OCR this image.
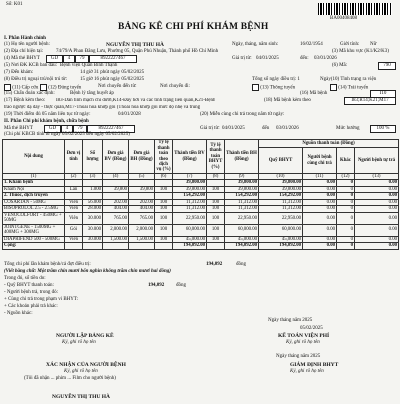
Số: K01
BA00408408
BẢNG KÊ CHI PHÍ KHÁM BỆNH
I. Phần Hành chính
(1) Họ tên người bệnh:	NGUYỄN THỊ THU HÀ	Ngày, tháng, năm sinh:	16/02/1954	Giới tính: Nữ
(2) Địa chỉ hiện tại:	74/79/A Phan Đăng Lưu, Phường 05, Quận Phú Nhuận, Thành phố Hồ Chí Minh	(3) Mã khu vực (K1/K2/K3)
(4) Mã thẻ BHYT	GD	4	79	8922227467	Giá trị từ: 04/01/2025	đến: 03/01/2026
(5) Nơi ĐK KCB ban đầu: Bệnh viện Quân Bình Thạnh	(6) Mã:	790
(7) Đến khám:	14 giờ 31 phút ngày 05/02/2025
(8) Điều trị ngoại trú/nội trú từ:	15 giờ 16 phút ngày 05/02/2025	Tổng số ngày điều trị: 1	Ngày(10) Tình trạng ra viện
(11) Cấp cứu	(12) Đúng tuyến	Nơi chuyển đến từ:	Nơi chuyển đi:	(13) Thông tuyến	(14) Trái tuyến
(15) Chẩn đoán xác định:	Bệnh lý tăng huyết áp	(16) Mã bệnh	I10
(17) Bệnh kèm theo: I83-Dãn tĩnh mạch chi dưới,K14-Đây hơi và các tình trạng liên quan,K21-Bệnh	(18) Mã bệnh kèm theo	I83;R14;K21;M17
trào ngược dạ dày - thực quản,M17-Thoái hóa khớp gối (Thoái hóa khớp gối mức độ nhẹ và trung
(19) Thời điểm đủ 05 năm liên tục từ ngày:	04/01/2028	(20) Miễn cùng chi trả trong năm từ ngày:
II. Phần Chi phí khám bệnh, chữa bệnh
Mã thẻ BHYT	GD	4	79	8922227467	Giá trị từ: 04/01/2025	đến 03/01/2026	Mức hưởng	100 %
(Chi phí KBCB tính từ ngày 05/02/2025 đến ngày 05/02/2025)
Nội dung	Đơn vị tính	Số lượng	Đơn giá BV (Đồng)	Đơn giá BH (Đồng)	Tỷ lệ thanh toán theo dịch vụ (%)	Thành tiền BV (Đồng)	Tỷ lệ thanh toán BHYT (%)	Thành tiền BH (Đồng)	Nguồn thanh toán (Đồng)			
									Quỹ BHYT	Người bệnh cùng chi trả	Khác	Người bệnh tự trả
(1)	(2)	(3)	(4)	(5)	(6)	(7)	(8)	(9)	(10)	(11)	(12)	(13)
1. Khám bệnh						39,800.00		39,800.00	39,800.00	0.00	0	0.00
Khám Nội	Lần	1.000	39,800	39,800	100	39,800.00	100	39,800.00	39,800.00	0.00	0	0.00
2. Thuốc, dịch truyền						154,292.00		154,292.00	154,292.00	0.00	0	0.00
COSARTAN - 50MG	Viên	56.000	202.00	202.00	100	11,312.00	100	11,312.00	11,312.00	0.00	0	0.00
BISOPROLOL 2.5 - 2.5MG	Viên	28.000	404.00	404.00	100	11,312.00	100	11,312.00	11,312.00	0.00	0	0.00
VENOCOLFORT - 450MG + 50MG	Viên	30.000	765.00	765.00	100	22,950.00	100	22,950.00	22,950.00	0.00	0	0.00
JOINTGENE - 1500MG + 400MG + 300MG	Gói	30.000	2,000.00	2,000.00	100	60,000.00	100	60,000.00	60,000.00	0.00	0	0.00
DIAPRIFEND 500 - 500MG	Viên	30.000	1,500.00	1,500.00	100	45,000.00	100	45,000.00	45,000.00	0.00	0	0.00
Cộng:						194,092.00		194,092.00	194,092.00	0.00	0	0.00
Tổng chi phí lần khám bệnh/cả đợt điều trị:	194,092	đồng
(Viết bằng chữ: Một trăm chín mươi bốn nghìn không trăm chín mươi hai đồng)
Trong đó, số tiền do:
- Quỹ BHYT thanh toán:	194,092 đồng
- Người bệnh trả, trong đó:
+ Cùng chi trả trong phạm vi BHYT:
+ Các khoản phải trả khác:
- Nguồn khác:
Ngày tháng năm 2025
05/02/2025
NGƯỜI LẬP BẢNG KÊ
Ký, ghi rõ họ tên
KẾ TOÁN VIỆN PHÍ
Ký, ghi rõ họ tên
Ngày tháng năm 2025
XÁC NHẬN CỦA NGƯỜI BỆNH
Ký, ghi rõ họ tên
(Tôi đã nhận ... phim ... Film cho người bệnh)
GIÁM ĐỊNH BHYT
Ký, ghi rõ họ tên
NGUYỄN THỊ THU HÀ
